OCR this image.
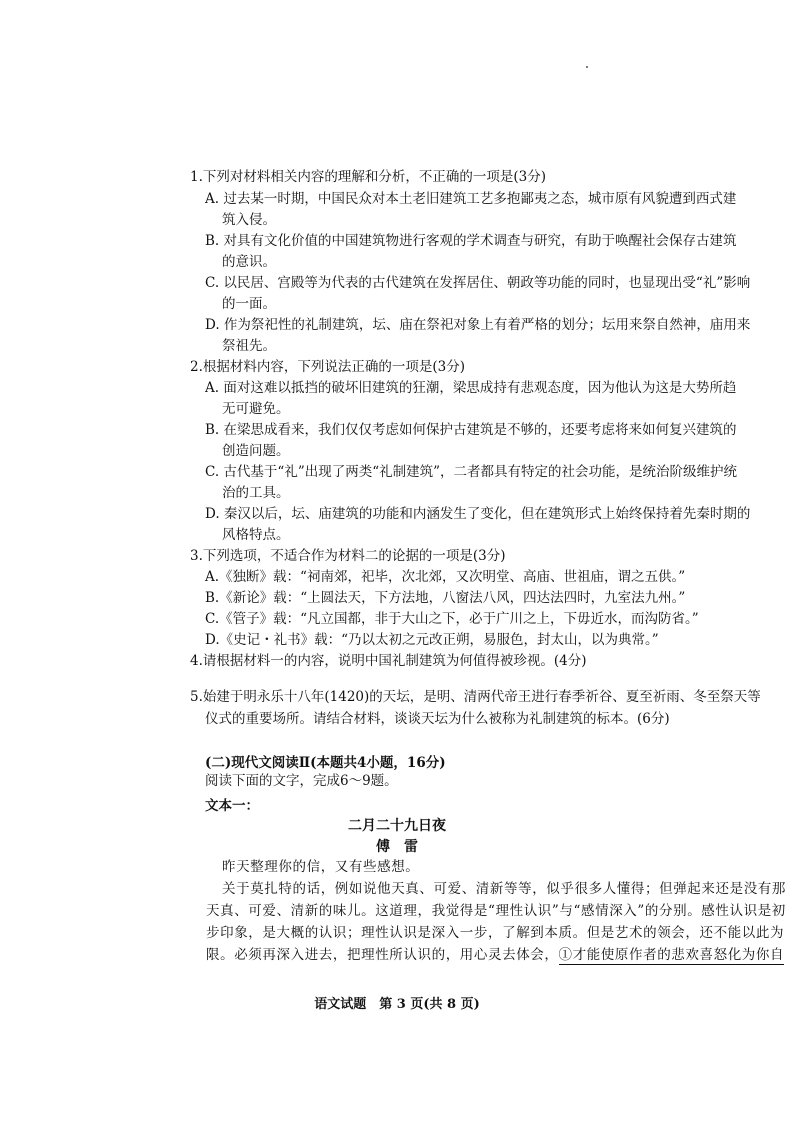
1.下列对材料相关内容的理解和分析，不正确的一项是(3分)
A. 过去某一时期，中国民众对本土老旧建筑工艺多抱鄙夷之态，城市原有风貌遭到西式建
筑入侵。
B. 对具有文化价值的中国建筑物进行客观的学术调查与研究，有助于唤醒社会保存古建筑
的意识。
C. 以民居、宫殿等为代表的古代建筑在发挥居住、朝政等功能的同时，也显现出受“礼”影响
的一面。
D. 作为祭祀性的礼制建筑，坛、庙在祭祀对象上有着严格的划分；坛用来祭自然神，庙用来
祭祖先。
2.根据材料内容，下列说法正确的一项是(3分)
A. 面对这难以抵挡的破坏旧建筑的狂潮，梁思成持有悲观态度，因为他认为这是大势所趋
无可避免。
B. 在梁思成看来，我们仅仅考虑如何保护古建筑是不够的，还要考虑将来如何复兴建筑的
创造问题。
C. 古代基于“礼”出现了两类“礼制建筑”，二者都具有特定的社会功能，是统治阶级维护统
治的工具。
D. 秦汉以后，坛、庙建筑的功能和内涵发生了变化，但在建筑形式上始终保持着先秦时期的
风格特点。
3.下列选项，不适合作为材料二的论据的一项是(3分)
A.《独断》载：“祠南郊，祀毕，次北郊，又次明堂、高庙、世祖庙，谓之五供。”
B.《新论》载：“上圆法天，下方法地，八窗法八风，四达法四时，九室法九州。”
C.《管子》载：“凡立国都，非于大山之下，必于广川之上，下毋近水，而沟防省。”
D.《史记・礼书》载：“乃以太初之元改正朔，易服色，封太山，以为典常。”
4.请根据材料一的内容，说明中国礼制建筑为何值得被珍视。(4分)
5.始建于明永乐十八年(1420)的天坛，是明、清两代帝王进行春季祈谷、夏至祈雨、冬至祭天等
仪式的重要场所。请结合材料，谈谈天坛为什么被称为礼制建筑的标本。(6分)
(二)现代文阅读Ⅱ(本题共4小题，16分)
阅读下面的文字，完成6～9题。
文本一：
二月二十九日夜
傅　雷
昨天整理你的信，又有些感想。
关于莫扎特的话，例如说他天真、可爱、清新等等，似乎很多人懂得；但弹起来还是没有那
天真、可爱、清新的味儿。这道理，我觉得是“理性认识”与“感情深入”的分别。感性认识是初
步印象，是大概的认识；理性认识是深入一步，了解到本质。但是艺术的领会，还不能以此为
限。必须再深入进去，把理性所认识的，用心灵去体会，①才能使原作者的悲欢喜怒化为你自
语文试题　第 3 页(共 8 页)
